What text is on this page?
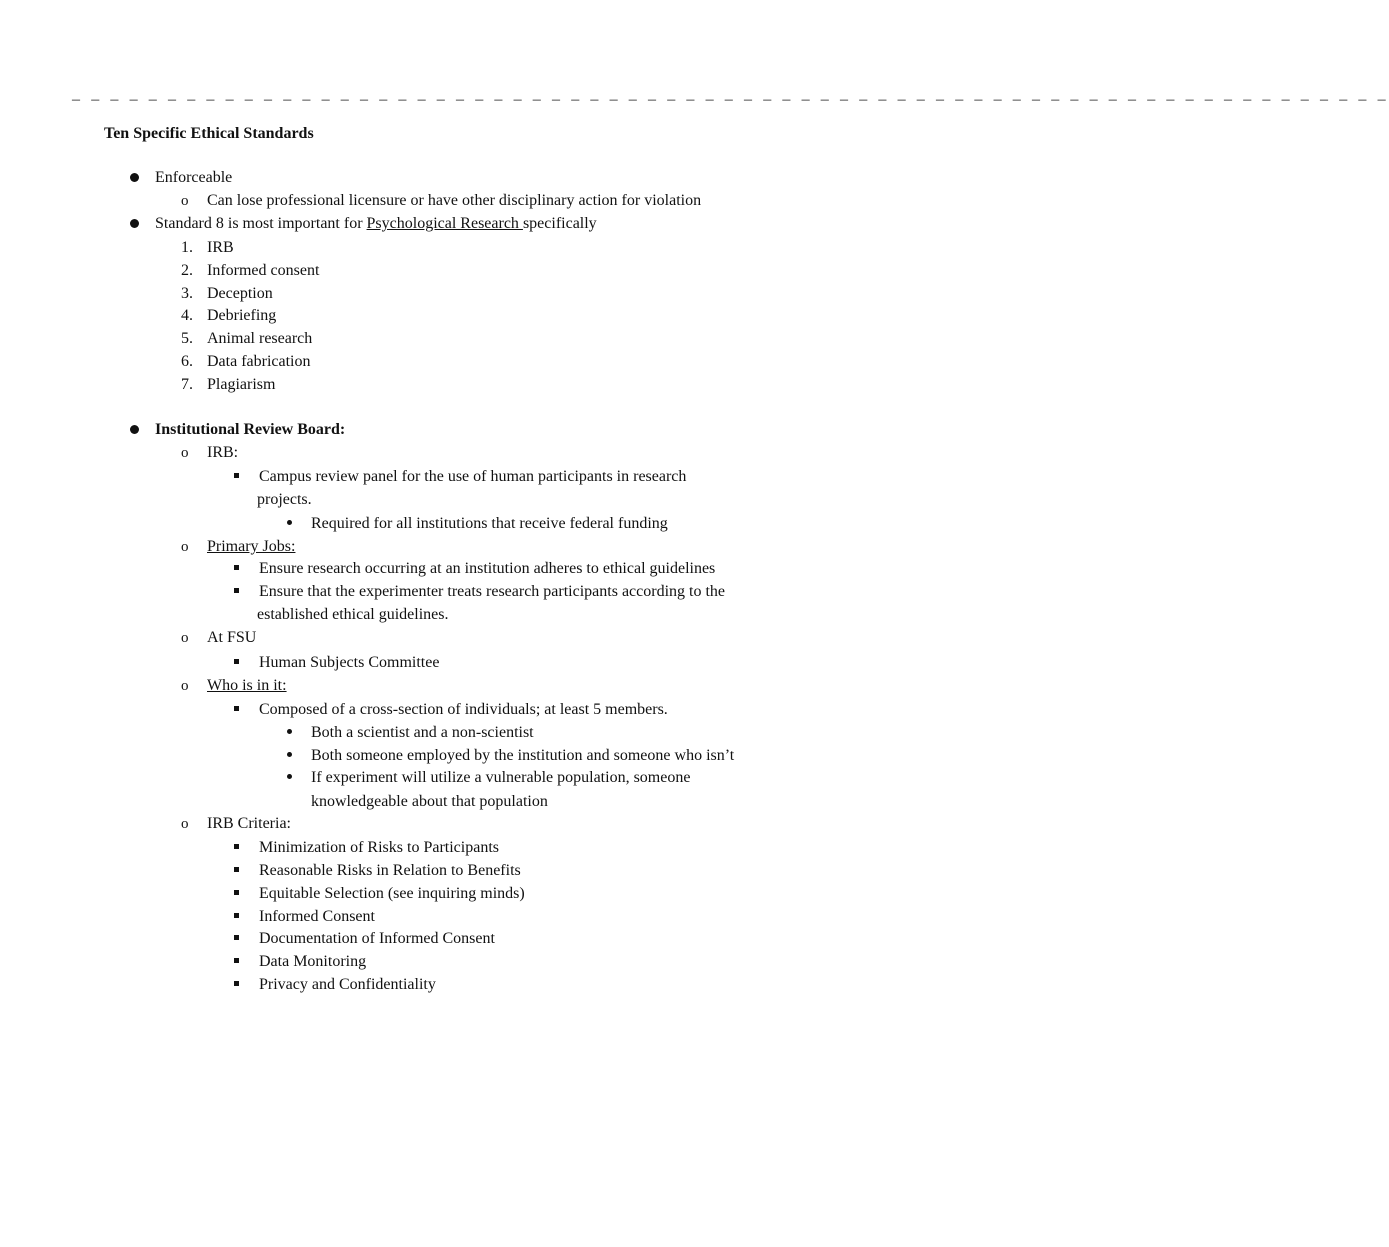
– – – – – – – – – – – – – – – – – – – – – – – – – – – – – – – – – – – – – – – – – – – – – – – – – – – – – – – – – – – – – – – – – – – – –
Ten Specific Ethical Standards
Enforceable
o Can lose professional licensure or have other disciplinary action for violation
Standard 8 is most important for Psychological Research specifically
1. IRB
2. Informed consent
3. Deception
4. Debriefing
5. Animal research
6. Data fabrication
7. Plagiarism
Institutional Review Board:
o IRB:
Campus review panel for the use of human participants in research
projects.
Required for all institutions that receive federal funding
o Primary Jobs:
Ensure research occurring at an institution adheres to ethical guidelines
Ensure that the experimenter treats research participants according to the
established ethical guidelines.
o At FSU
Human Subjects Committee
o Who is in it:
Composed of a cross-section of individuals; at least 5 members.
Both a scientist and a non-scientist
Both someone employed by the institution and someone who isn’t
If experiment will utilize a vulnerable population, someone
knowledgeable about that population
o IRB Criteria:
Minimization of Risks to Participants
Reasonable Risks in Relation to Benefits
Equitable Selection (see inquiring minds)
Informed Consent
Documentation of Informed Consent
Data Monitoring
Privacy and Confidentiality
